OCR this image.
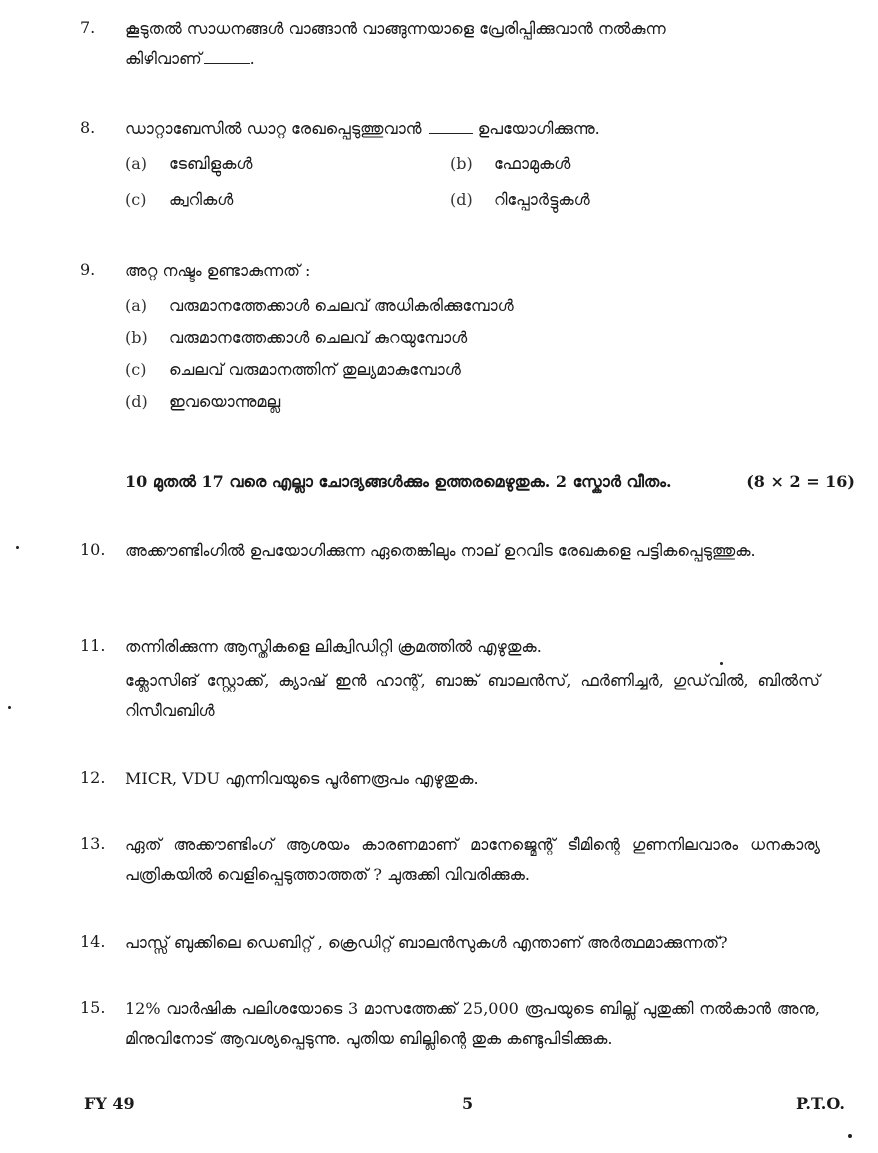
7.	കൂടുതൽ സാധനങ്ങൾ വാങ്ങാൻ വാങ്ങുന്നയാളെ പ്രേരിപ്പിക്കുവാൻ നൽകുന്ന
കിഴിവാണ്	.
8.	ഡാറ്റാബേസിൽ ഡാറ്റ രേഖപ്പെടുത്തുവാൻ	ഉപയോഗിക്കുന്നു.
(a)	ടേബിളുകൾ	(b)	ഫോമുകൾ
(c)	ക്വറികൾ	(d)	റിപ്പോർട്ടുകൾ
9.	അറ്റ നഷ്ടം ഉണ്ടാകുന്നത് :
(a)	വരുമാനത്തേക്കാൾ ചെലവ് അധികരിക്കുമ്പോൾ
(b)	വരുമാനത്തേക്കാൾ ചെലവ് കുറയുമ്പോൾ
(c)	ചെലവ് വരുമാനത്തിന് തുല്യമാകുമ്പോൾ
(d)	ഇവയൊന്നുമല്ല
10 മുതൽ 17 വരെ എല്ലാ ചോദ്യങ്ങൾക്കും ഉത്തരമെഴുതുക. 2 സ്കോർ വീതം.	(8 × 2 = 16)
10.	അക്കൗണ്ടിംഗിൽ ഉപയോഗിക്കുന്ന ഏതെങ്കിലും നാല് ഉറവിട രേഖകളെ പട്ടികപ്പെടുത്തുക.
11.	തന്നിരിക്കുന്ന ആസ്തികളെ ലിക്വിഡിറ്റി ക്രമത്തിൽ എഴുതുക.
ക്ലോസിങ് സ്റ്റോക്ക്, ക്യാഷ് ഇൻ ഹാന്റ്, ബാങ്ക് ബാലൻസ്, ഫർണിച്ചർ, ഗുഡ്‌വിൽ, ബിൽസ് റിസീവബിൾ
12.	MICR, VDU എന്നിവയുടെ പൂർണരൂപം എഴുതുക.
13.	ഏത് അക്കൗണ്ടിംഗ് ആശയം കാരണമാണ് മാനേജ്മെന്റ് ടീമിന്റെ ഗുണനിലവാരം ധനകാര്യ പത്രികയിൽ വെളിപ്പെടുത്താത്തത് ? ചുരുക്കി വിവരിക്കുക.
14.	പാസ്സ് ബുക്കിലെ ഡെബിറ്റ് , ക്രെഡിറ്റ് ബാലൻസുകൾ എന്താണ് അർത്ഥമാക്കുന്നത്?
15.	12% വാർഷിക പലിശയോടെ 3 മാസത്തേക്ക് 25,000 രൂപയുടെ ബില്ല് പുതുക്കി നൽകാൻ അനു, മിനുവിനോട് ആവശ്യപ്പെടുന്നു. പുതിയ ബില്ലിന്റെ തുക കണ്ടുപിടിക്കുക.
FY 49	5	P.T.O.
